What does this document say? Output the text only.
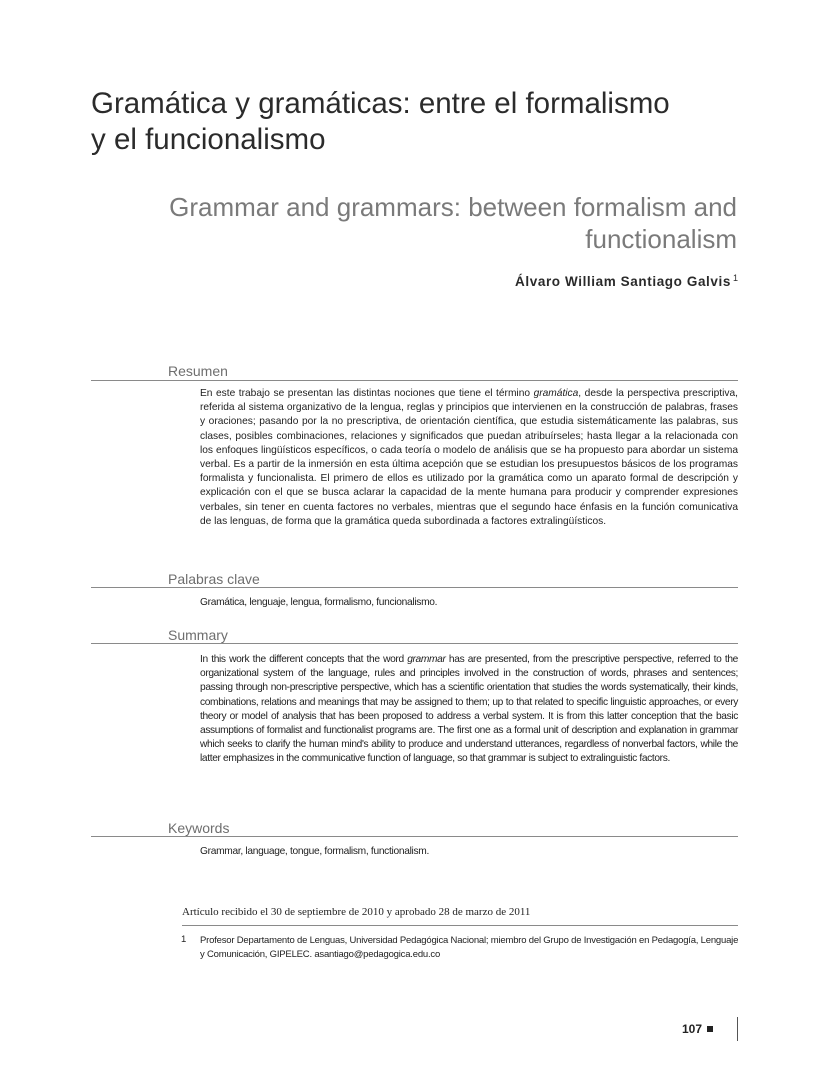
Gramática y gramáticas: entre el formalismo
y el funcionalismo
Grammar and grammars: between formalism and
functionalism
Álvaro William Santiago Galvis $^1$
Resumen

En este trabajo se presentan las distintas nociones que tiene el término gramática, desde la perspectiva prescriptiva, referida al sistema organizativo de la lengua, reglas y principios que intervienen en la construcción de palabras, frases y oraciones; pasando por la no prescriptiva, de orientación científica, que estudia sistemáticamente las palabras, sus clases, posibles combinaciones, relaciones y significados que puedan atribuírseles; hasta llegar a la relacionada con los enfoques lingüísticos específicos, o cada teoría o modelo de análisis que se ha propuesto para abordar un sistema verbal. Es a partir de la inmersión en esta última acepción que se estudian los presupuestos básicos de los programas formalista y funcionalista. El primero de ellos es utilizado por la gramática como un aparato formal de descripción y explicación con el que se busca aclarar la capacidad de la mente humana para producir y comprender expresiones verbales, sin tener en cuenta factores no verbales, mientras que el segundo hace énfasis en la función comunicativa de las lenguas, de forma que la gramática queda subordinada a factores extralingüísticos.

Palabras clave
Gramática, lenguaje, lengua, formalismo, funcionalismo.
Summary

In this work the different concepts that the word grammar has are presented, from the prescriptive perspective, referred to the organizational system of the language, rules and principles involved in the construction of words, phrases and sentences; passing through non-prescriptive perspective, which has a scientific orientation that studies the words systematically, their kinds, combinations, relations and meanings that may be assigned to them; up to that related to specific linguistic approaches, or every theory or model of analysis that has been proposed to address a verbal system. It is from this latter conception that the basic assumptions of formalist and functionalist programs are. The first one as a formal unit of description and explanation in grammar which seeks to clarify the human mind's ability to produce and understand utterances, regardless of nonverbal factors, while the latter emphasizes in the communicative function of language, so that grammar is subject to extralinguistic factors.

Keywords
Grammar, language, tongue, formalism, functionalism.
Artículo recibido el 30 de septiembre de 2010 y aprobado 28 de marzo de 2011
1 Profesor Departamento de Lenguas, Universidad Pedagógica Nacional; miembro del Grupo de Investigación en Pedagogía, Lenguaje y Comunicación, GIPELEC. asantiago@pedagogica.edu.co

107
